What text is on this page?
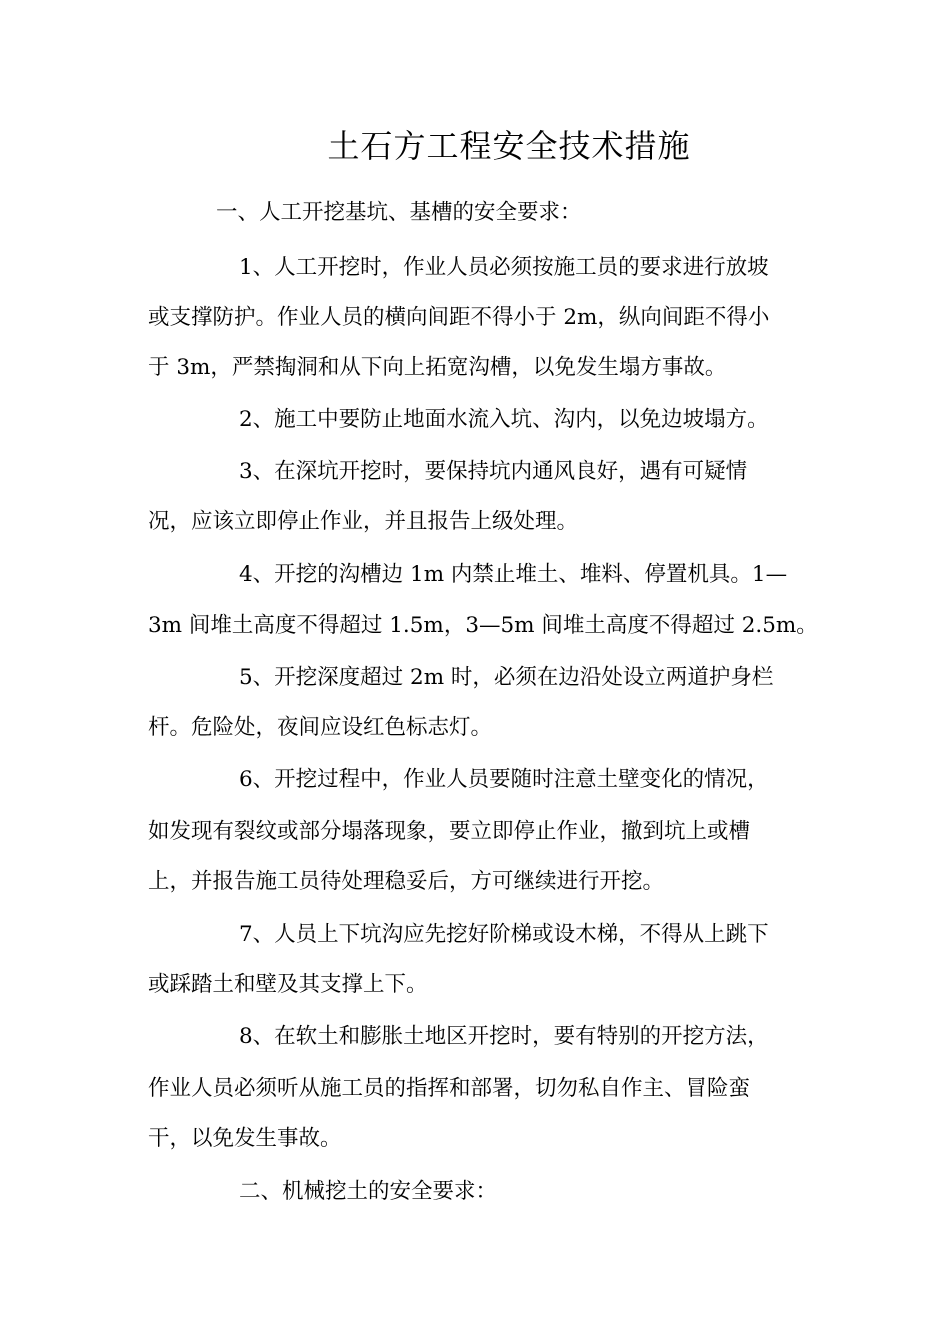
土石方工程安全技术措施
一、人工开挖基坑、基槽的安全要求：
1、人工开挖时，作业人员必须按施工员的要求进行放坡
或支撑防护。作业人员的横向间距不得小于 2m，纵向间距不得小
于 3m，严禁掏洞和从下向上拓宽沟槽，以免发生塌方事故。
2、施工中要防止地面水流入坑、沟内，以免边坡塌方。
3、在深坑开挖时，要保持坑内通风良好，遇有可疑情
况，应该立即停止作业，并且报告上级处理。
4、开挖的沟槽边 1m 内禁止堆土、堆料、停置机具。1—
3m 间堆土高度不得超过 1.5m，3—5m 间堆土高度不得超过 2.5m。
5、开挖深度超过 2m 时，必须在边沿处设立两道护身栏
杆。危险处，夜间应设红色标志灯。
6、开挖过程中，作业人员要随时注意土壁变化的情况，
如发现有裂纹或部分塌落现象，要立即停止作业，撤到坑上或槽
上，并报告施工员待处理稳妥后，方可继续进行开挖。
7、人员上下坑沟应先挖好阶梯或设木梯，不得从上跳下
或踩踏土和壁及其支撑上下。
8、在软土和膨胀土地区开挖时，要有特别的开挖方法，
作业人员必须听从施工员的指挥和部署，切勿私自作主、冒险蛮
干，以免发生事故。
二、机械挖土的安全要求：
